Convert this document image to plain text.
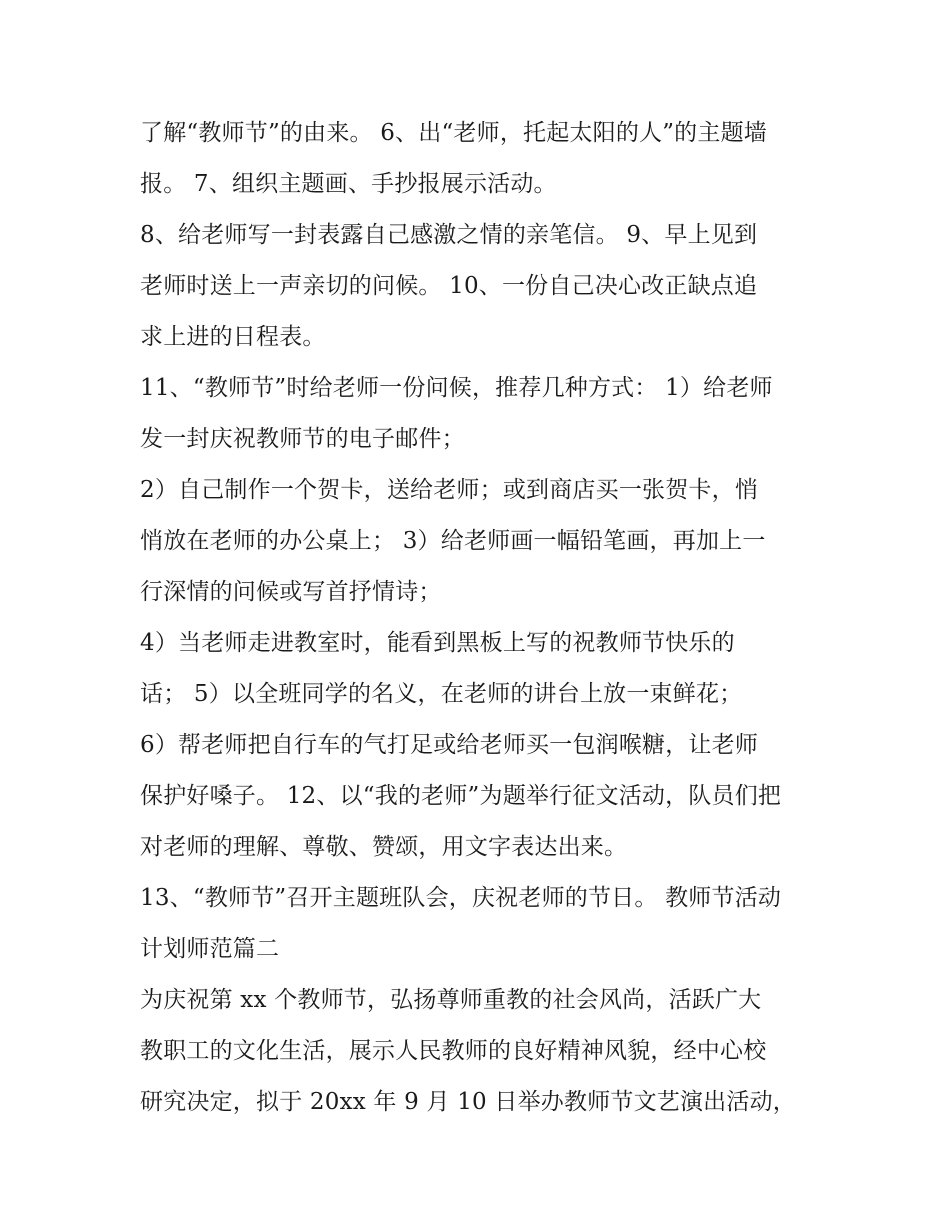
了解“教师节”的由来。 6、出“老师，托起太阳的人”的主题墙
报。 7、组织主题画、手抄报展示活动。
8、给老师写一封表露自己感激之情的亲笔信。 9、早上见到
老师时送上一声亲切的问候。 10、一份自己决心改正缺点追
求上进的日程表。
11、“教师节”时给老师一份问候，推荐几种方式： 1）给老师
发一封庆祝教师节的电子邮件；
2）自己制作一个贺卡，送给老师；或到商店买一张贺卡，悄
悄放在老师的办公桌上； 3）给老师画一幅铅笔画，再加上一
行深情的问候或写首抒情诗；
4）当老师走进教室时，能看到黑板上写的祝教师节快乐的
话； 5）以全班同学的名义，在老师的讲台上放一束鲜花；
6）帮老师把自行车的气打足或给老师买一包润喉糖，让老师
保护好嗓子。 12、以“我的老师”为题举行征文活动，队员们把
对老师的理解、尊敬、赞颂，用文字表达出来。
13、“教师节”召开主题班队会，庆祝老师的节日。 教师节活动
计划师范篇二
为庆祝第 xx 个教师节，弘扬尊师重教的社会风尚，活跃广大
教职工的文化生活，展示人民教师的良好精神风貌，经中心校
研究决定，拟于 20xx 年 9 月 10 日举办教师节文艺演出活动，
